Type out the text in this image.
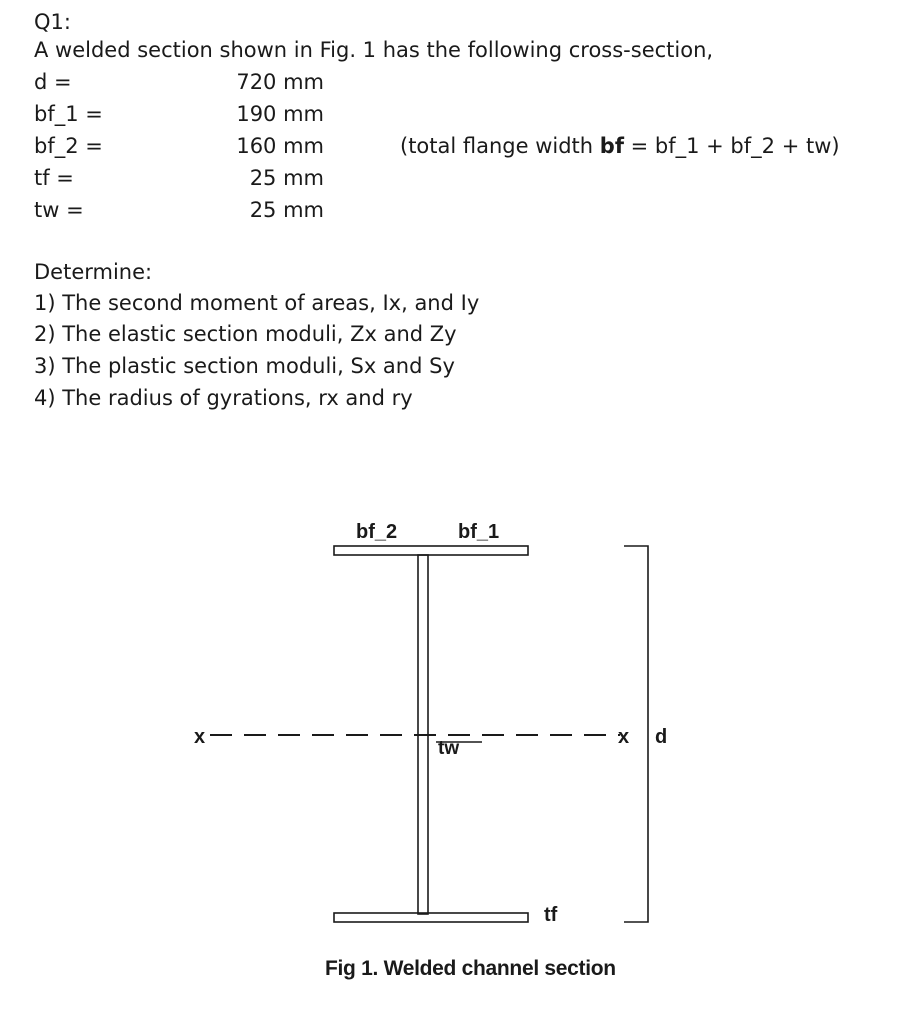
Q1:
A welded section shown in Fig. 1 has the following cross-section,
d =	720 mm
bf_1 =	190 mm
bf_2 =	160 mm
tf =	25 mm
tw =	25 mm
(total flange width bf = bf_1 + bf_2 + tw)
Determine:
1) The second moment of areas, Ix, and Iy
2) The elastic section moduli, Zx and Zy
3) The plastic section moduli, Sx and Sy
4) The radius of gyrations, rx and ry
bf_2	bf_1
x	x
tw
tf
d
Fig 1. Welded channel section
